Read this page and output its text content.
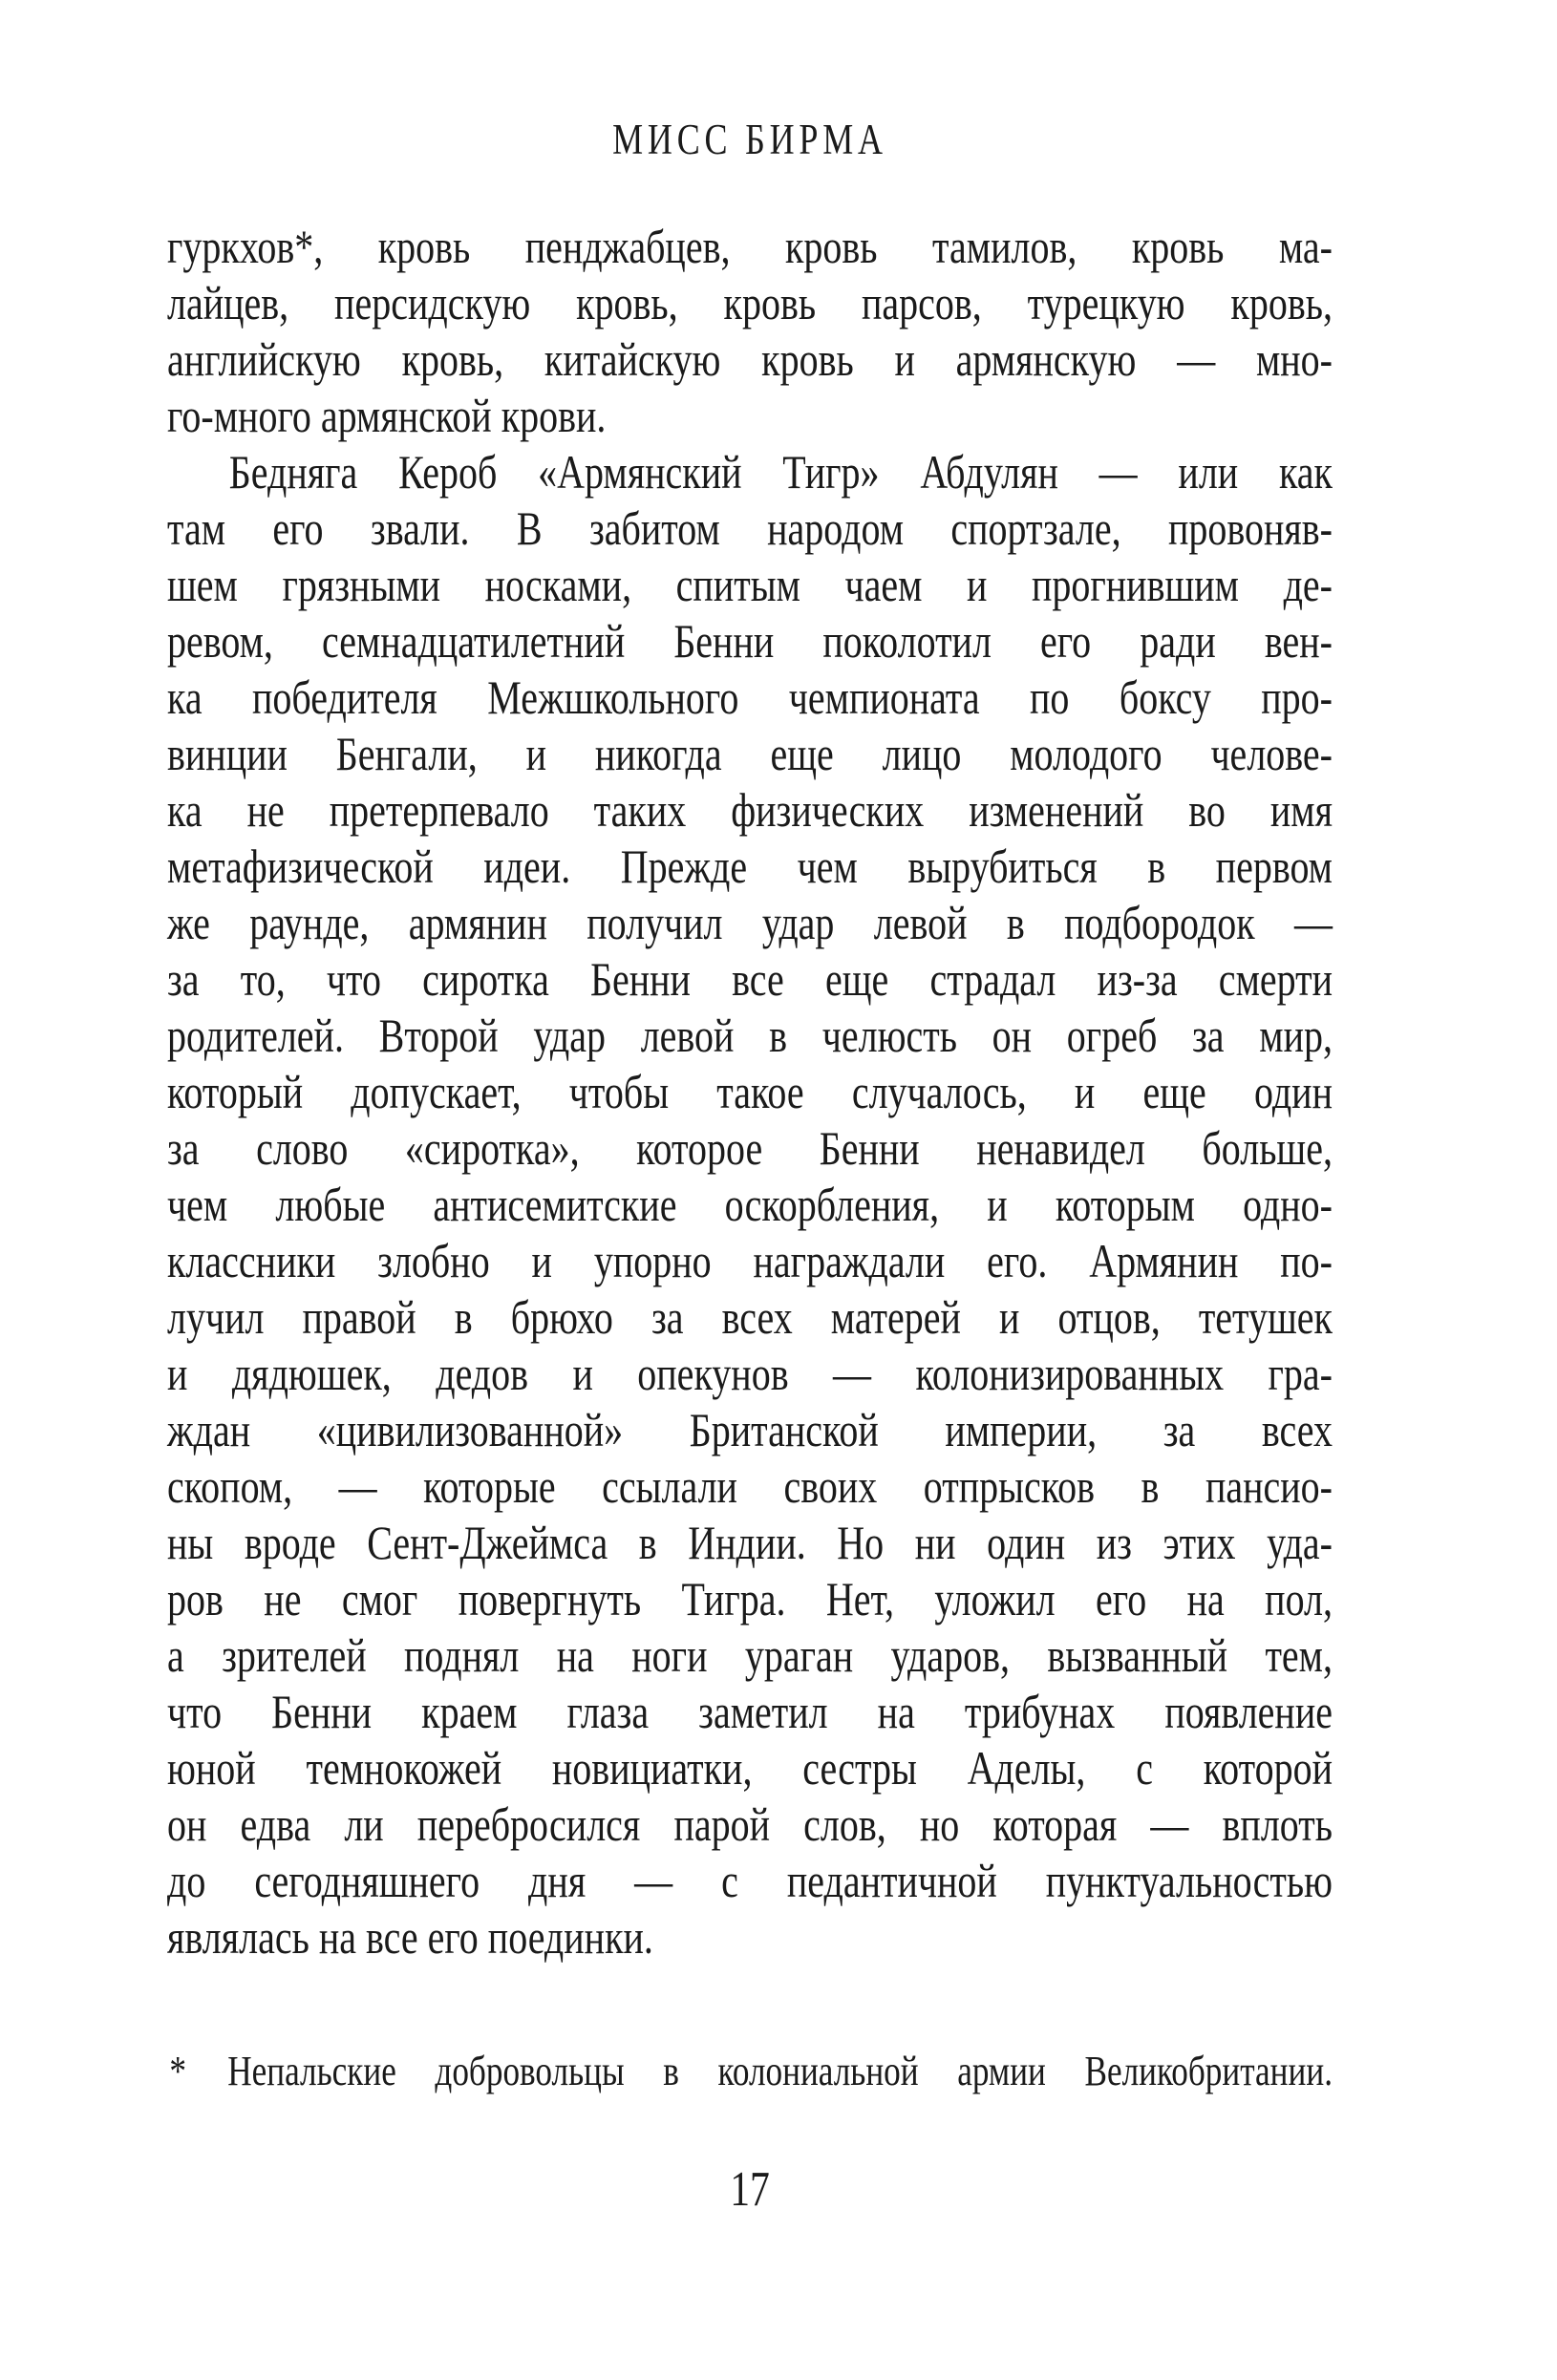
МИСС БИРМА
гуркхов*, кровь пенджабцев, кровь тамилов, кровь ма-
лайцев, персидскую кровь, кровь парсов, турецкую кровь,
английскую кровь, китайскую кровь и армянскую — мно-
го-много армянской крови.
Бедняга Кероб «Армянский Тигр» Абдулян — или как
там его звали. В забитом народом спортзале, провоняв-
шем грязными носками, спитым чаем и прогнившим де-
ревом, семнадцатилетний Бенни поколотил его ради вен-
ка победителя Межшкольного чемпионата по боксу про-
винции Бенгали, и никогда еще лицо молодого челове-
ка не претерпевало таких физических изменений во имя
метафизической идеи. Прежде чем вырубиться в первом
же раунде, армянин получил удар левой в подбородок —
за то, что сиротка Бенни все еще страдал из-за смерти
родителей. Второй удар левой в челюсть он огреб за мир,
который допускает, чтобы такое случалось, и еще один
за слово «сиротка», которое Бенни ненавидел больше,
чем любые антисемитские оскорбления, и которым одно-
классники злобно и упорно награждали его. Армянин по-
лучил правой в брюхо за всех матерей и отцов, тетушек
и дядюшек, дедов и опекунов — колонизированных гра-
ждан «цивилизованной» Британской империи, за всех
скопом, — которые ссылали своих отпрысков в пансио-
ны вроде Сент-Джеймса в Индии. Но ни один из этих уда-
ров не смог повергнуть Тигра. Нет, уложил его на пол,
а зрителей поднял на ноги ураган ударов, вызванный тем,
что Бенни краем глаза заметил на трибунах появление
юной темнокожей новициатки, сестры Аделы, с которой
он едва ли перебросился парой слов, но которая — вплоть
до сегодняшнего дня — с педантичной пунктуальностью
являлась на все его поединки.
* Непальские добровольцы в колониальной армии Великобритании.
17
